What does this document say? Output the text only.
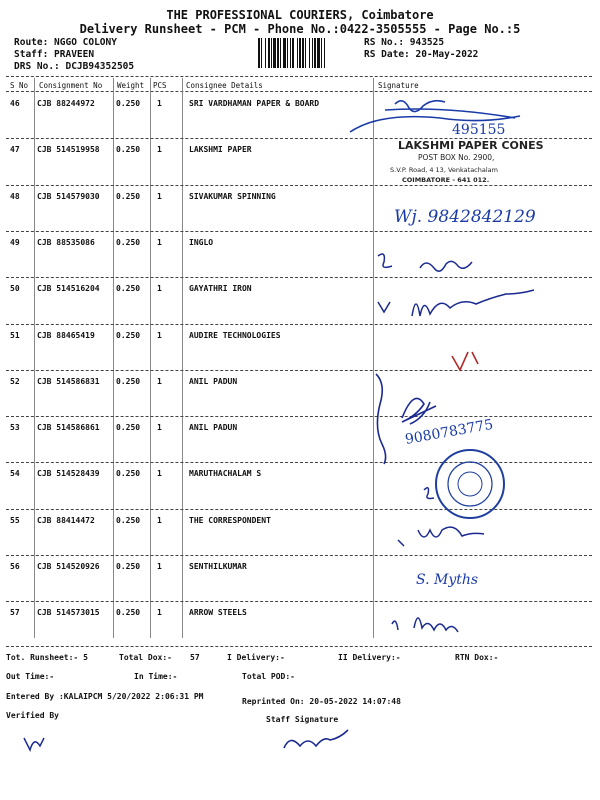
THE PROFESSIONAL COURIERS, Coimbatore
Delivery Runsheet - PCM - Phone No.:0422-3505555 - Page No.:5
Route: NGGO COLONY
Staff: PRAVEEN
DRS No.: DCJB94352505
RS No.: 943525
RS Date: 20-May-2022
S No Consignment No Weight PCS	Consignee Details	Signature
46 CJB 88244972	0.250 1	SRI VARDHAMAN PAPER & BOARD
47 CJB 514519958 0.250 1	LAKSHMI PAPER
48 CJB 514579030 0.250 1	SIVAKUMAR SPINNING
49 CJB 88535086	0.250 1	INGLO
50 CJB 514516204 0.250 1	GAYATHRI IRON
51 CJB 88465419	0.250 1	AUDIRE TECHNOLOGIES
52 CJB 514586831 0.250 1	ANIL PADUN
53 CJB 514586861 0.250 1	ANIL PADUN
54 CJB 514528439 0.250 1	MARUTHACHALAM S
55 CJB 88414472	0.250 1	THE CORRESPONDENT
56 CJB 514520926 0.250 1	SENTHILKUMAR
57 CJB 514573015 0.250 1	ARROW STEELS
495155
LAKSHMI PAPER CONES
POST BOX No. 2900,
S.V.P. Road, 4 13, Venkatachalam
COIMBATORE - 641 012.
Wj. 9842842129
9080783775
S. Myths
Tot. Runsheet:- 5	Total Dox:- 57	I Delivery:-	II Delivery:-	RTN Dox:-
Out Time:-	In Time:-	Total POD:-
Entered By :KALAIPCM 5/20/2022 2:06:31 PM
Reprinted On: 20-05-2022 14:07:48
Verified By	Staff Signature
